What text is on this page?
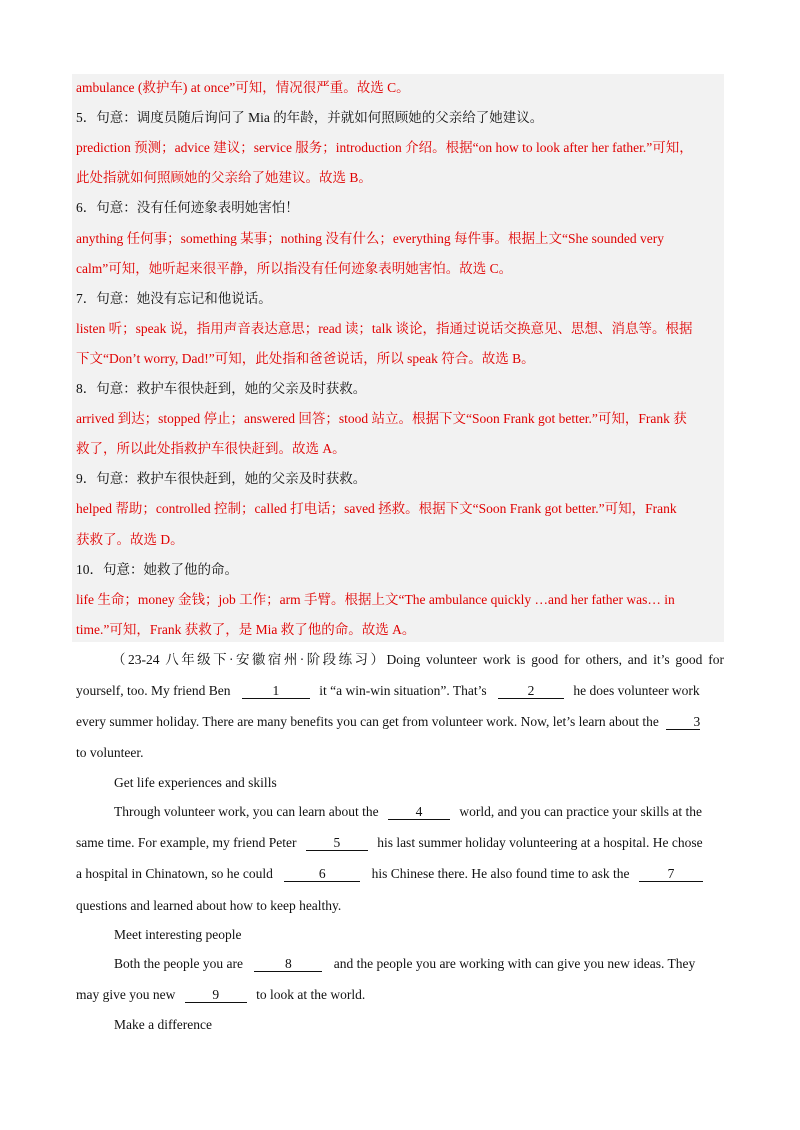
ambulance (救护车) at once”可知，情况很严重。故选 C。
5．句意：调度员随后询问了 Mia 的年龄，并就如何照顾她的父亲给了她建议。
prediction 预测；advice 建议；service 服务；introduction 介绍。根据“on how to look after her father.”可知，
此处指就如何照顾她的父亲给了她建议。故选 B。
6．句意：没有任何迹象表明她害怕！
anything 任何事；something 某事；nothing 没有什么；everything 每件事。根据上文“She sounded very
calm”可知，她听起来很平静，所以指没有任何迹象表明她害怕。故选 C。
7．句意：她没有忘记和他说话。
listen 听；speak 说，指用声音表达意思；read 读；talk 谈论，指通过说话交换意见、思想、消息等。根据
下文“Don’t worry, Dad!”可知，此处指和爸爸说话，所以 speak 符合。故选 B。
8．句意：救护车很快赶到，她的父亲及时获救。
arrived 到达；stopped 停止；answered 回答；stood 站立。根据下文“Soon Frank got better.”可知，Frank 获
救了，所以此处指救护车很快赶到。故选 A。
9．句意：救护车很快赶到，她的父亲及时获救。
helped 帮助；controlled 控制；called 打电话；saved 拯救。根据下文“Soon Frank got better.”可知，Frank
获救了。故选 D。
10．句意：她救了他的命。
life 生命；money 金钱；job 工作；arm 手臂。根据上文“The ambulance quickly …and her father was… in
time.”可知，Frank 获救了，是 Mia 救了他的命。故选 A。
（23-24 八年级下·安徽宿州·阶段练习）Doing volunteer work is good for others, and it’s good for
yourself, too. My friend Ben	1	it “a win-win situation”. That’s	2	he does volunteer work
every summer holiday. There are many benefits you can get from volunteer work. Now, let’s learn about the	3
to volunteer.
Get life experiences and skills
Through volunteer work, you can learn about the	4	world, and you can practice your skills at the
same time. For example, my friend Peter	5	his last summer holiday volunteering at a hospital. He chose
a hospital in Chinatown, so he could	6	his Chinese there. He also found time to ask the	7
questions and learned about how to keep healthy.
Meet interesting people
Both the people you are	8	and the people you are working with can give you new ideas. They
may give you new	9	to look at the world.
Make a difference
